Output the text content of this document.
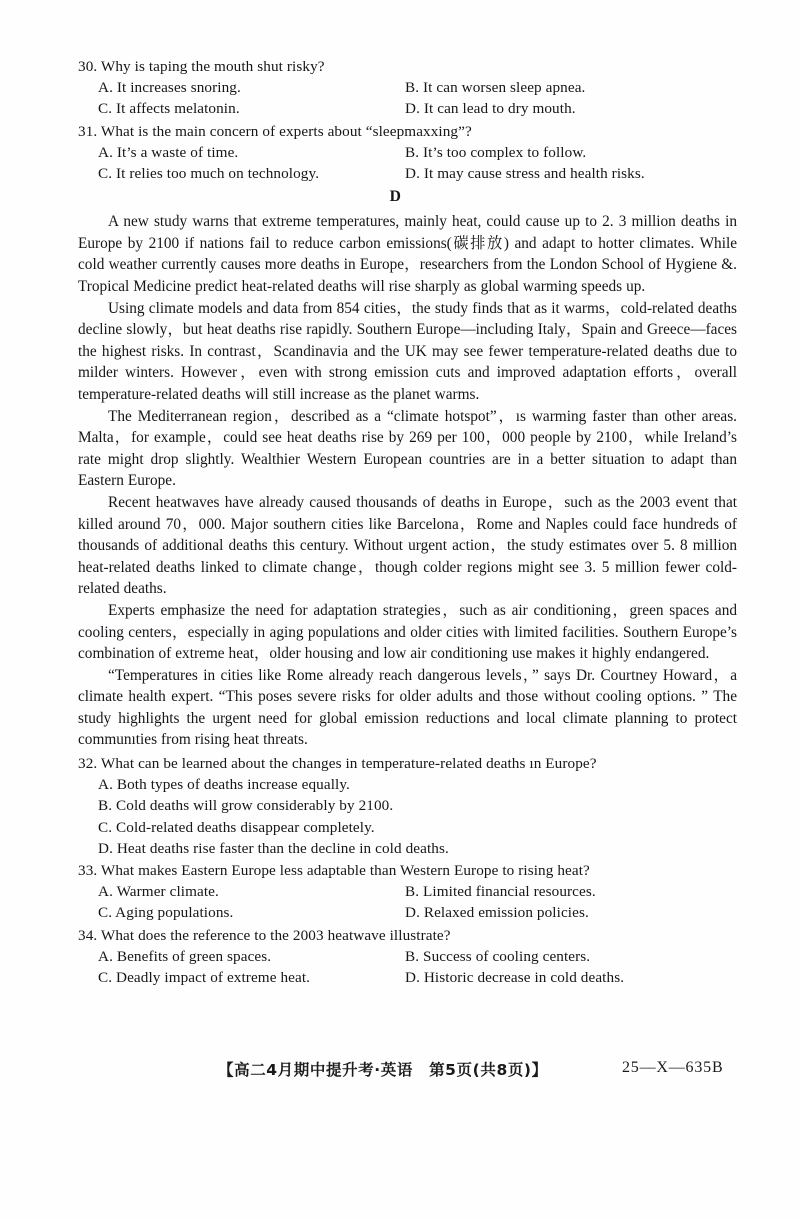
30. Why is taping the mouth shut risky?
A. It increases snoring.	B. It can worsen sleep apnea.
C. It affects melatonin.	D. It can lead to dry mouth.
31. What is the main concern of experts about “sleepmaxxing”?
A. It’s a waste of time.	B. It’s too complex to follow.
C. It relies too much on technology.	D. It may cause stress and health risks.
D

A new study warns that extreme temperatures, mainly heat, could cause up to 2. 3 million deaths in Europe by 2100 if nations fail to reduce carbon emissions(碳排放) and adapt to hotter climates. While cold weather currently causes more deaths in Europe，researchers from the London School of Hygiene &. Tropical Medicine predict heat-related deaths will rise sharply as global warming speeds up.

Using climate models and data from 854 cities，the study finds that as it warms，cold-related deaths decline slowly，but heat deaths rise rapidly. Southern Europe—including Italy，Spain and Greece—faces the highest risks. In contrast，Scandinavia and the UK may see fewer temperature-related deaths due to milder winters. However，even with strong emission cuts and improved adaptation efforts，overall temperature-related deaths will still increase as the planet warms.

The Mediterranean region，described as a “climate hotspot”，ıs warming faster than other areas. Malta，for example，could see heat deaths rise by 269 per 100，000 people by 2100，while Ireland’s rate might drop slightly. Wealthier Western European countries are in a better situation to adapt than Eastern Europe.

Recent heatwaves have already caused thousands of deaths in Europe，such as the 2003 event that killed around 70，000. Major southern cities like Barcelona，Rome and Naples could face hundreds of thousands of additional deaths this century. Without urgent action，the study estimates over 5. 8 million heat-related deaths linked to climate change，though colder regions might see 3. 5 million fewer cold-related deaths.

Experts emphasize the need for adaptation strategies，such as air conditioning，green spaces and cooling centers，especially in aging populations and older cities with limited facilities. Southern Europe’s combination of extreme heat，older housing and low air conditioning use makes it highly endangered.

“Temperatures in cities like Rome already reach dangerous levels，” says Dr. Courtney Howard，a climate health expert. “This poses severe risks for older adults and those without cooling options. ” The study highlights the urgent need for global emission reductions and local climate planning to protect communıties from rising heat threats.

32. What can be learned about the changes in temperature-related deaths ın Europe?
A. Both types of deaths increase equally.
B. Cold deaths will grow considerably by 2100.
C. Cold-related deaths disappear completely.
D. Heat deaths rise faster than the decline in cold deaths.
33. What makes Eastern Europe less adaptable than Western Europe to rising heat?
A. Warmer climate.	B. Limited financial resources.
C. Aging populations.	D. Relaxed emission policies.
34. What does the reference to the 2003 heatwave illustrate?
A. Benefits of green spaces.	B. Success of cooling centers.
C. Deadly impact of extreme heat.	D. Historic decrease in cold deaths.
【高二4月期中提升考·英语　第5页(共8页)】	25—X—635B
